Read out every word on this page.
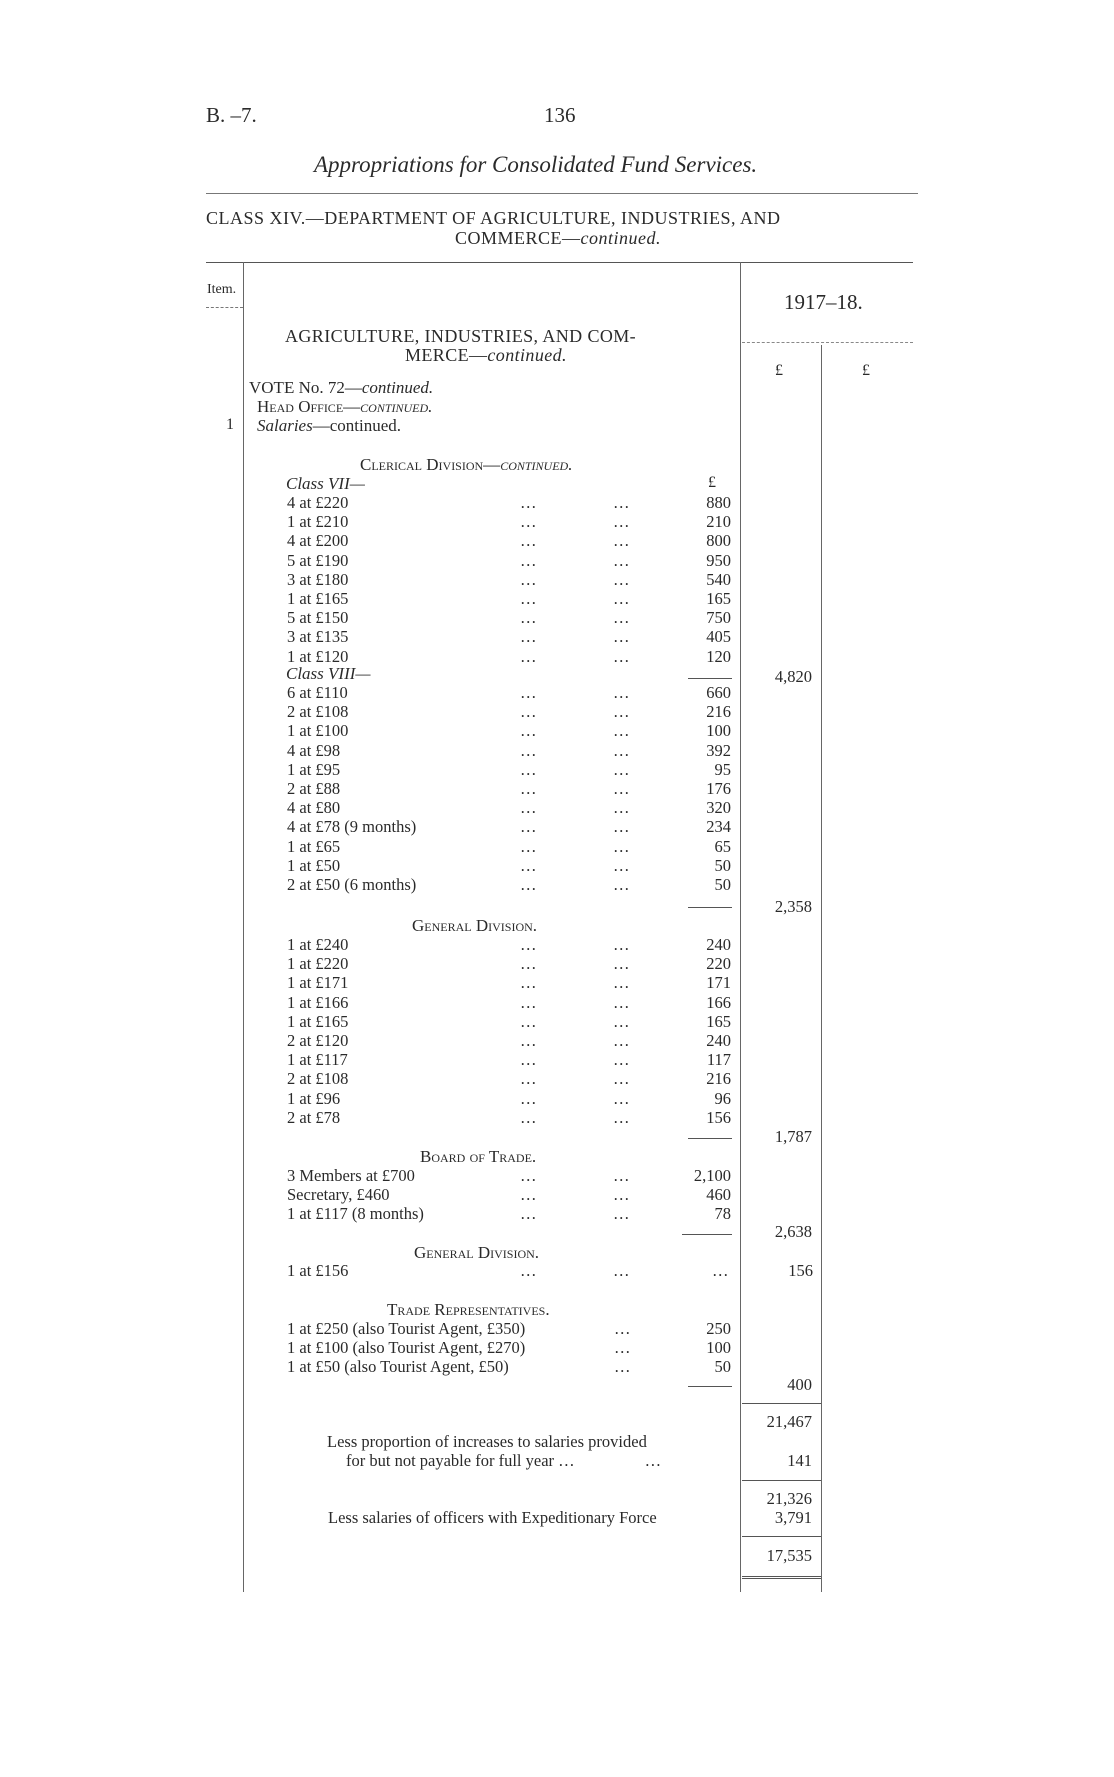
B. –7.	136
Appropriations for Consolidated Fund Services.
CLASS XIV.—DEPARTMENT OF AGRICULTURE, INDUSTRIES, AND
COMMERCE—continued.
Item.
1917–18.
£	£
AGRICULTURE, INDUSTRIES, AND COM-
MERCE—continued.
VOTE No. 72—continued.
Head Office—continued.
1 Salaries—continued.
Clerical Division—continued.
Class VII—	£
4 at £220	…	…	880
1 at £210	…	…	210
4 at £200	…	…	800
5 at £190	…	…	950
3 at £180	…	…	540
1 at £165	…	…	165
5 at £150	…	…	750
3 at £135	…	…	405
1 at £120	…	…	120
4,820
Class VIII—
6 at £110	…	…	660
2 at £108	…	…	216
1 at £100	…	…	100
4 at £98	…	…	392
1 at £95	…	…	95
2 at £88	…	…	176
4 at £80	…	…	320
4 at £78 (9 months)	…	…	234
1 at £65	…	…	65
1 at £50	…	…	50
2 at £50 (6 months)	…	…	50
2,358
General Division.
1 at £240	…	…	240
1 at £220	…	…	220
1 at £171	…	…	171
1 at £166	…	…	166
1 at £165	…	…	165
2 at £120	…	…	240
1 at £117	…	…	117
2 at £108	…	…	216
1 at £96	…	…	96
2 at £78	…	…	156
1,787
Board of Trade.
3 Members at £700	…	…	2,100
Secretary, £460	…	…	460
1 at £117 (8 months)	…	…	78
2,638
General Division.
1 at £156	…	…	…	156
Trade Representatives.
1 at £250 (also Tourist Agent, £350)	…	250
1 at £100 (also Tourist Agent, £270)	…	100
1 at £50 (also Tourist Agent, £50)	…	50
400
21,467
Less proportion of increases to salaries provided
for but not payable for full year …	…	141
21,326
Less salaries of officers with Expeditionary Force	3,791
17,535
